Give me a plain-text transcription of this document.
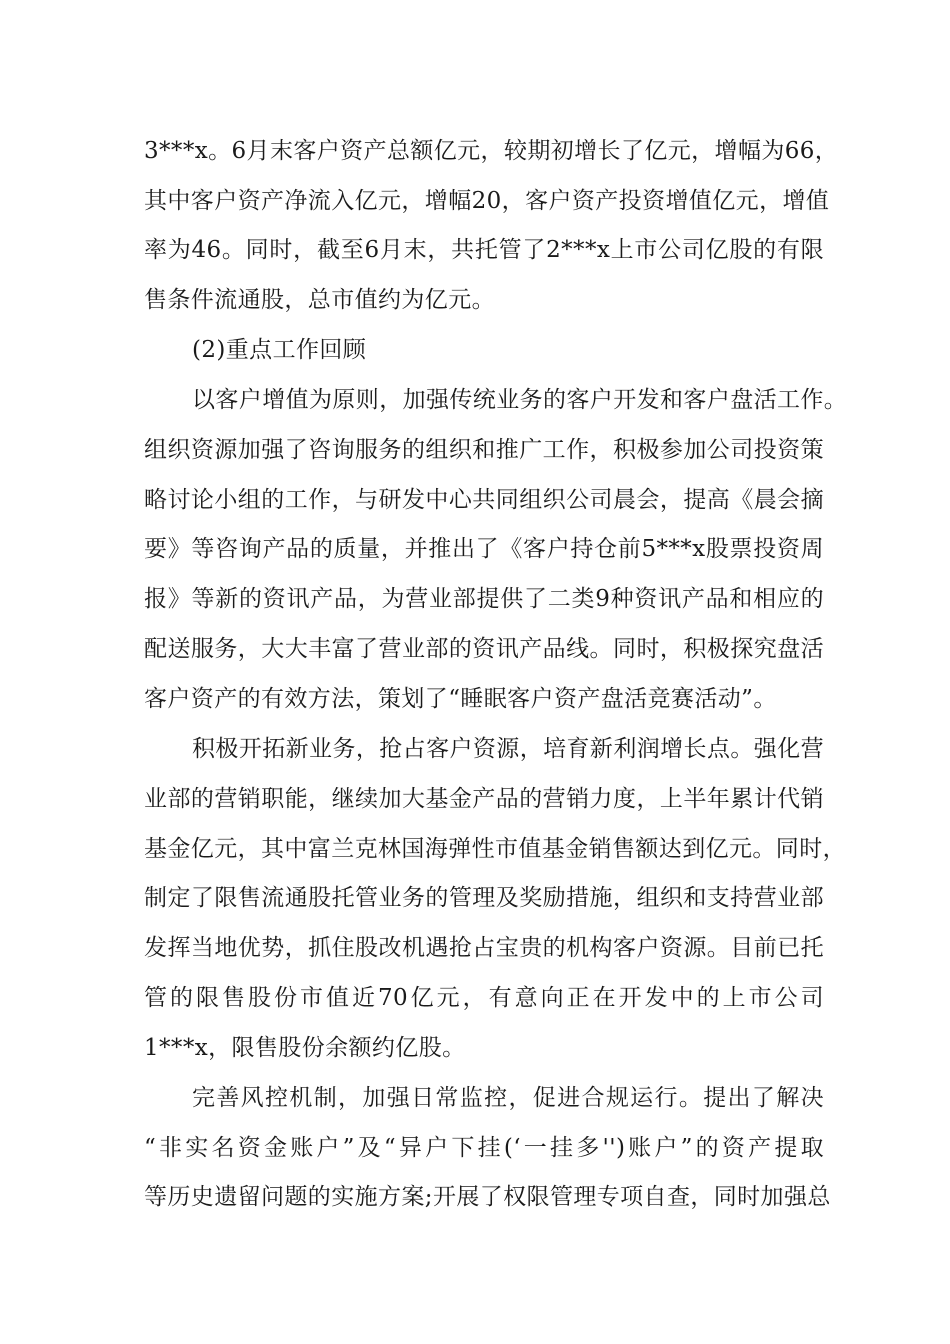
3***x。6月末客户资产总额亿元，较期初增长了亿元，增幅为66，
其中客户资产净流入亿元，增幅20，客户资产投资增值亿元，增值
率为46。同时，截至6月末，共托管了2***x上市公司亿股的有限
售条件流通股，总市值约为亿元。
(2)重点工作回顾
以客户增值为原则，加强传统业务的客户开发和客户盘活工作。
组织资源加强了咨询服务的组织和推广工作，积极参加公司投资策
略讨论小组的工作，与研发中心共同组织公司晨会，提高《晨会摘
要》等咨询产品的质量，并推出了《客户持仓前5***x股票投资周
报》等新的资讯产品，为营业部提供了二类9种资讯产品和相应的
配送服务，大大丰富了营业部的资讯产品线。同时，积极探究盘活
客户资产的有效方法，策划了“睡眠客户资产盘活竞赛活动”。
积极开拓新业务，抢占客户资源，培育新利润增长点。强化营
业部的营销职能，继续加大基金产品的营销力度，上半年累计代销
基金亿元，其中富兰克林国海弹性市值基金销售额达到亿元。同时，
制定了限售流通股托管业务的管理及奖励措施，组织和支持营业部
发挥当地优势，抓住股改机遇抢占宝贵的机构客户资源。目前已托
管的限售股份市值近70亿元，有意向正在开发中的上市公司
1***x，限售股份余额约亿股。
完善风控机制，加强日常监控，促进合规运行。提出了解决
“非实名资金账户”及“异户下挂(‘一挂多'')账户”的资产提取
等历史遗留问题的实施方案;开展了权限管理专项自查，同时加强总
